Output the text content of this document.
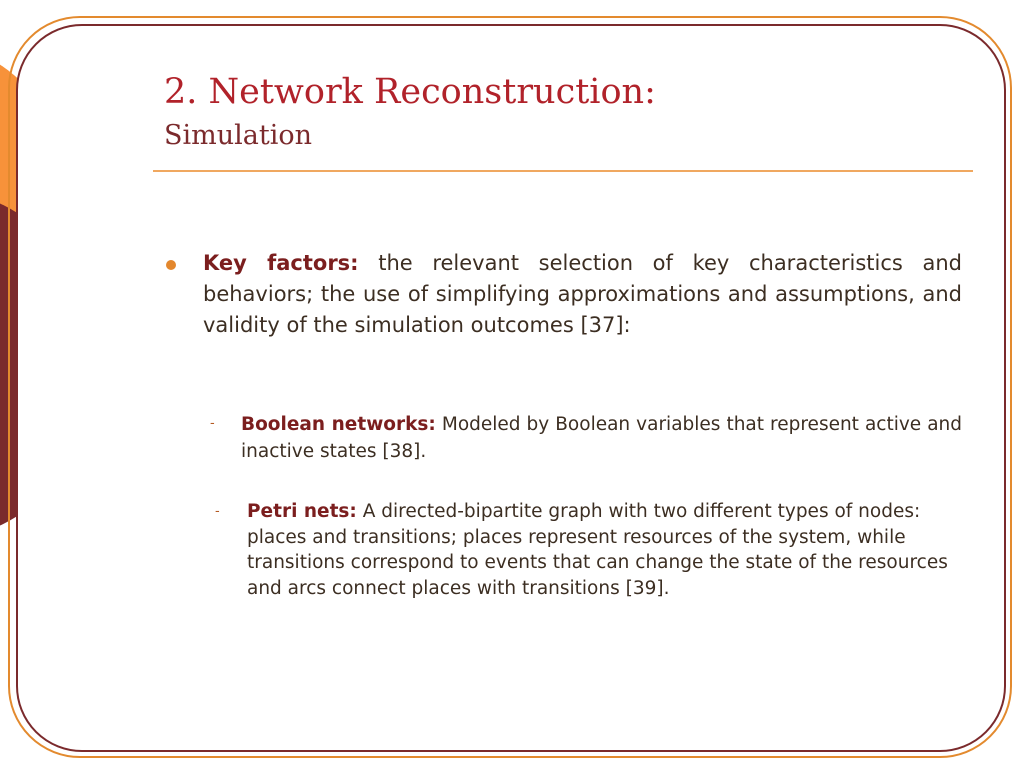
2. Network Reconstruction:
Simulation
Key factors: the relevant selection of key characteristics and behaviors; the use of simplifying approximations and assumptions, and validity of the simulation outcomes [37]:
- Boolean networks: Modeled by Boolean variables that represent active and inactive states [38].
- Petri nets: A directed-bipartite graph with two different types of nodes: places and transitions; places represent resources of the system, while transitions correspond to events that can change the state of the resources and arcs connect places with transitions [39].
